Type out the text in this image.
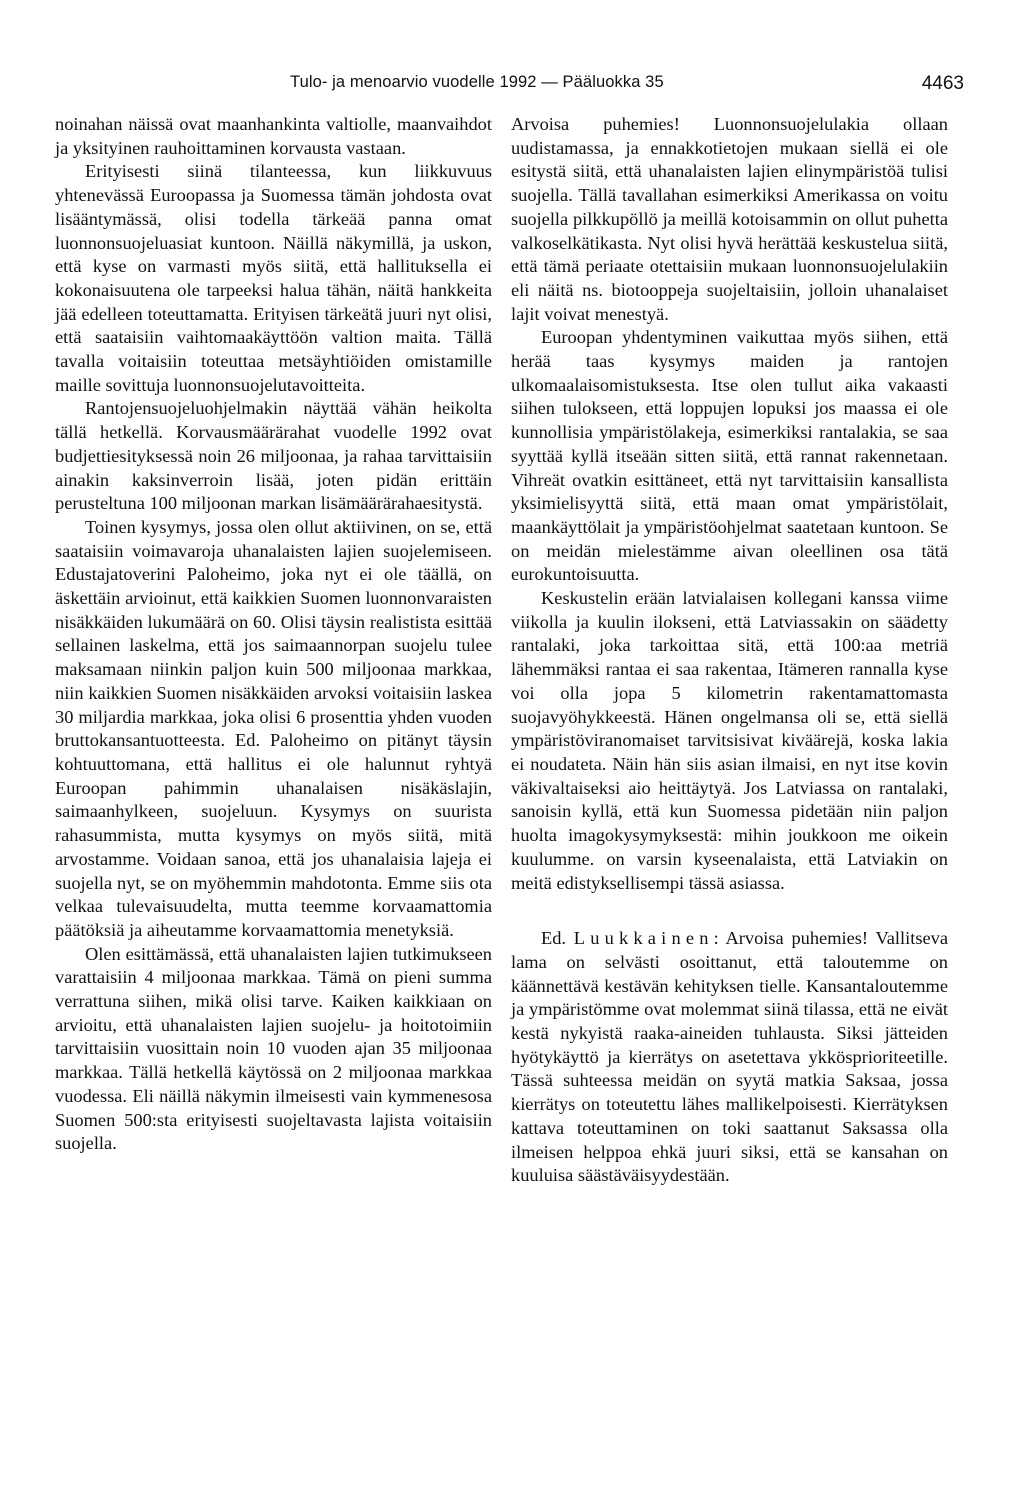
Tulo- ja menoarvio vuodelle 1992 — Pääluokka 35	4463

noinahan näissä ovat maanhankinta valtiolle, maanvaihdot ja yksityinen rauhoittaminen korvausta vastaan.

Erityisesti siinä tilanteessa, kun liikkuvuus yhtenevässä Euroopassa ja Suomessa tämän johdosta ovat lisääntymässä, olisi todella tärkeää panna omat luonnonsuojeluasiat kuntoon. Näillä näkymillä, ja uskon, että kyse on varmasti myös siitä, että hallituksella ei kokonaisuutena ole tarpeeksi halua tähän, näitä hankkeita jää edelleen toteuttamatta. Erityisen tärkeätä juuri nyt olisi, että saataisiin vaihtomaakäyttöön valtion maita. Tällä tavalla voitaisiin toteuttaa metsäyhtiöiden omistamille maille sovittuja luonnonsuojelutavoitteita.

Rantojensuojeluohjelmakin näyttää vähän heikolta tällä hetkellä. Korvausmäärärahat vuodelle 1992 ovat budjettiesityksessä noin 26 miljoonaa, ja rahaa tarvittaisiin ainakin kaksinverroin lisää, joten pidän erittäin perusteltuna 100 miljoonan markan lisämäärärahaesitystä.

Toinen kysymys, jossa olen ollut aktiivinen, on se, että saataisiin voimavaroja uhanalaisten lajien suojelemiseen. Edustajatoverini Paloheimo, joka nyt ei ole täällä, on äskettäin arvioinut, että kaikkien Suomen luonnonvaraisten nisäkkäiden lukumäärä on 60. Olisi täysin realistista esittää sellainen laskelma, että jos saimaannorpan suojelu tulee maksamaan niinkin paljon kuin 500 miljoonaa markkaa, niin kaikkien Suomen nisäkkäiden arvoksi voitaisiin laskea 30 miljardia markkaa, joka olisi 6 prosenttia yhden vuoden bruttokansantuotteesta. Ed. Paloheimo on pitänyt täysin kohtuuttomana, että hallitus ei ole halunnut ryhtyä Euroopan pahimmin uhanalaisen nisäkäslajin, saimaanhylkeen, suojeluun. Kysymys on suurista rahasummista, mutta kysymys on myös siitä, mitä arvostamme. Voidaan sanoa, että jos uhanalaisia lajeja ei suojella nyt, se on myöhemmin mahdotonta. Emme siis ota velkaa tulevaisuudelta, mutta teemme korvaamattomia päätöksiä ja aiheutamme korvaamattomia menetyksiä.

Olen esittämässä, että uhanalaisten lajien tutkimukseen varattaisiin 4 miljoonaa markkaa. Tämä on pieni summa verrattuna siihen, mikä olisi tarve. Kaiken kaikkiaan on arvioitu, että uhanalaisten lajien suojelu- ja hoitotoimiin tarvittaisiin vuosittain noin 10 vuoden ajan 35 miljoonaa markkaa. Tällä hetkellä käytössä on 2 miljoonaa markkaa vuodessa. Eli näillä näkymin ilmeisesti vain kymmenesosa Suomen 500:sta erityisesti suojeltavasta lajista voitaisiin suojella.

Arvoisa puhemies! Luonnonsuojelulakia ollaan uudistamassa, ja ennakkotietojen mukaan siellä ei ole esitystä siitä, että uhanalaisten lajien elinympäristöä tulisi suojella. Tällä tavallahan esimerkiksi Amerikassa on voitu suojella pilkkupöllö ja meillä kotoisammin on ollut puhetta valkoselkätikasta. Nyt olisi hyvä herättää keskustelua siitä, että tämä periaate otettaisiin mukaan luonnonsuojelulakiin eli näitä ns. biotooppeja suojeltaisiin, jolloin uhanalaiset lajit voivat menestyä.

Euroopan yhdentyminen vaikuttaa myös siihen, että herää taas kysymys maiden ja rantojen ulkomaalaisomistuksesta. Itse olen tullut aika vakaasti siihen tulokseen, että loppujen lopuksi jos maassa ei ole kunnollisia ympäristölakeja, esimerkiksi rantalakia, se saa syyttää kyllä itseään sitten siitä, että rannat rakennetaan. Vihreät ovatkin esittäneet, että nyt tarvittaisiin kansallista yksimielisyyttä siitä, että maan omat ympäristölait, maankäyttölait ja ympäristöohjelmat saatetaan kuntoon. Se on meidän mielestämme aivan oleellinen osa tätä eurokuntoisuutta.

Keskustelin erään latvialaisen kollegani kanssa viime viikolla ja kuulin ilokseni, että Latviassakin on säädetty rantalaki, joka tarkoittaa sitä, että 100:aa metriä lähemmäksi rantaa ei saa rakentaa, Itämeren rannalla kyse voi olla jopa 5 kilometrin rakentamattomasta suojavyöhykkeestä. Hänen ongelmansa oli se, että siellä ympäristöviranomaiset tarvitsisivat kiväärejä, koska lakia ei noudateta. Näin hän siis asian ilmaisi, en nyt itse kovin väkivaltaiseksi aio heittäytyä. Jos Latviassa on rantalaki, sanoisin kyllä, että kun Suomessa pidetään niin paljon huolta imagokysymyksestä: mihin joukkoon me oikein kuulumme. on varsin kyseenalaista, että Latviakin on meitä edistyksellisempi tässä asiassa.

Ed. Luukkainen: Arvoisa puhemies! Vallitseva lama on selvästi osoittanut, että taloutemme on käännettävä kestävän kehityksen tielle. Kansantaloutemme ja ympäristömme ovat molemmat siinä tilassa, että ne eivät kestä nykyistä raaka-aineiden tuhlausta. Siksi jätteiden hyötykäyttö ja kierrätys on asetettava ykkösprioriteetille. Tässä suhteessa meidän on syytä matkia Saksaa, jossa kierrätys on toteutettu lähes mallikelpoisesti. Kierrätyksen kattava toteuttaminen on toki saattanut Saksassa olla ilmeisen helppoa ehkä juuri siksi, että se kansahan on kuuluisa säästäväisyydestään.
